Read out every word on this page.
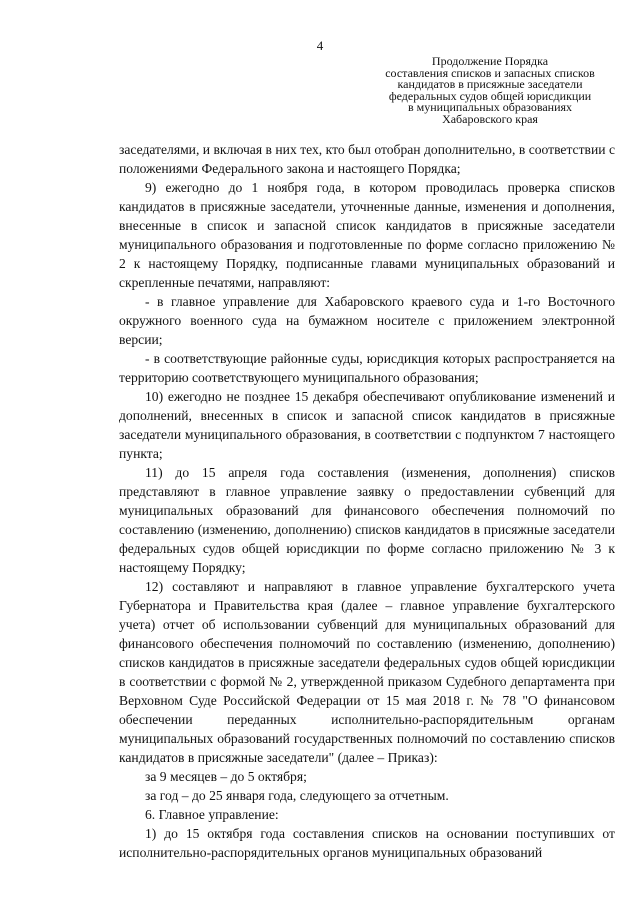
4
Продолжение Порядка
составления списков и запасных списков
кандидатов в присяжные заседатели
федеральных судов общей юрисдикции
в муниципальных образованиях
Хабаровского края

заседателями, и включая в них тех, кто был отобран дополнительно, в соответствии с положениями Федерального закона и настоящего Порядка;

9) ежегодно до 1 ноября года, в котором проводилась проверка списков кандидатов в присяжные заседатели, уточненные данные, изменения и дополнения, внесенные в список и запасной список кандидатов в присяжные заседатели муниципального образования и подготовленные по форме согласно приложению № 2 к настоящему Порядку, подписанные главами муниципальных образований и скрепленные печатями, направляют:

- в главное управление для Хабаровского краевого суда и 1-го Восточного окружного военного суда на бумажном носителе с приложением электронной версии;

- в соответствующие районные суды, юрисдикция которых распространяется на территорию соответствующего муниципального образования;

10) ежегодно не позднее 15 декабря обеспечивают опубликование изменений и дополнений, внесенных в список и запасной список кандидатов в присяжные заседатели муниципального образования, в соответствии с подпунктом 7 настоящего пункта;

11) до 15 апреля года составления (изменения, дополнения) списков представляют в главное управление заявку о предоставлении субвенций для муниципальных образований для финансового обеспечения полномочий по составлению (изменению, дополнению) списков кандидатов в присяжные заседатели федеральных судов общей юрисдикции по форме согласно приложению № 3 к настоящему Порядку;

12) составляют и направляют в главное управление бухгалтерского учета Губернатора и Правительства края (далее – главное управление бухгалтерского учета) отчет об использовании субвенций для муниципальных образований для финансового обеспечения полномочий по составлению (изменению, дополнению) списков кандидатов в присяжные заседатели федеральных судов общей юрисдикции в соответствии с формой № 2, утвержденной приказом Судебного департамента при Верховном Суде Российской Федерации от 15 мая 2018 г. № 78 "О финансовом обеспечении переданных исполнительно-распорядительным органам муниципальных образований государственных полномочий по составлению списков кандидатов в присяжные заседатели" (далее – Приказ):

за 9 месяцев – до 5 октября;

за год – до 25 января года, следующего за отчетным.

6. Главное управление:

1) до 15 октября года составления списков на основании поступивших от исполнительно-распорядительных органов муниципальных образований
